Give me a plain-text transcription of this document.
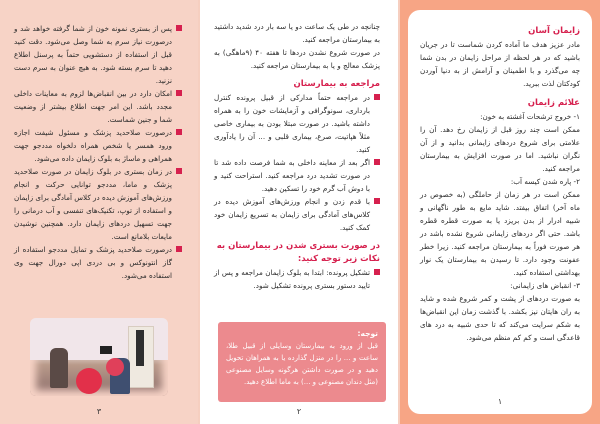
پس از بستری نمونه خون از شما گرفته خواهد شد و درصورت نیاز سرم به شما وصل می‌شود. دقت کنید قبل از استفاده از دستشویی حتماً به پرسنل اطلاع دهید تا سرم بسته شود. به هیچ عنوان به سرم دست نزنید.
امکان دارد در بین انقباض‌ها لزوم به معاینات داخلی مجدد باشد. این امر جهت اطلاع بیشتر از وضعیت شما و جنین شماست.
درصورت صلاحدید پزشک و مسئول شیفت اجازه ورود همسر یا شخص همراه دلخواه مددجو جهت همراهی و ماساژ به بلوک زایمان داده می‌شود.
در زمان بستری در بلوک زایمان در صورت صلاحدید پزشک و ماما، مددجو توانایی حرکت و انجام ورزش‌های آموزش دیده در کلاس آمادگی برای زایمان و استفاده از توپ، تکنیک‌های تنفسی و آب درمانی را جهت تسهیل دردهای زایمان دارد. همچنین نوشیدن مایعات بلامانع است.
درصورت صلاحدید پزشک و تمایل مددجو استفاده از گاز انتونوکس و بی دردی اپی دورال جهت وی استفاده می‌شود.
۳
چنانچه در طی یک ساعت دو یا سه بار درد شدید داشتید به بیمارستان مراجعه کنید.
در صورت شروع نشدن دردها تا هفته ۴۰ (۹ماهگی) به پزشک معالج و یا به بیمارستان مراجعه کنید.
مراجعه به بیمارستان
در مراجعه حتماً مدارکی از قبیل پرونده کنترل بارداری، سونوگرافی و آزمایشات خون را به همراه داشته باشید. در صورت مبتلا بودن به بیماری خاصی مثلاً هپاتیت، صرع، بیماری قلبی و ... آن را یادآوری کنید.
اگر بعد از معاینه داخلی به شما فرصت داده شد تا در صورت تشدید درد مراجعه کنید. استراحت کنید و با دوش آب گرم خود را تسکین دهید.
با قدم زدن و انجام ورزش‌های آموزش دیده در کلاس‌های آمادگی برای زایمان به تسریع زایمان خود کمک کنید.
در صورت بستری شدن در بیمارستان به نکات زیر توجه کنید:
تشکیل پرونده: ابتدا به بلوک زایمان مراجعه و پس از تایید دستور بستری پرونده تشکیل شود.
توجه:
قبل از ورود به بیمارستان وسایلی از قبیل طلا، ساعت و ... را در منزل گذارده یا به همراهان تحویل دهید و در صورت داشتن هرگونه وسایل مصنوعی (مثل دندان مصنوعی و ...) به ماما اطلاع دهید.
۲
زایمان آسان
مادر عزیز هدف ما آماده کردن شماست تا در جریان باشید که در هر لحظه از مراحل زایمان در بدن شما چه می‌گذرد و با اطمینان و آرامش از به دنیا آوردن کودکتان لذت ببرید.
علائم زایمان
۱- خروج ترشحات آغشته به خون:
ممکن است چند روز قبل از زایمان رخ دهد. آن را علامتی برای شروع دردهای زایمانی بدانید و از آن نگران نباشید. اما در صورت افزایش به بیمارستان مراجعه کنید.
۲- پاره شدن کیسه آب:
ممکن است در هر زمان از حاملگی (به خصوص در ماه آخر) اتفاق بیفتد. شاید مایع به طور ناگهانی و شبیه ادرار از بدن بریزد یا به صورت قطره قطره باشد. حتی اگر دردهای زایمانی شروع نشده باشد در هر صورت فوراً به بیمارستان مراجعه کنید. زیرا خطر عفونت وجود دارد. تا رسیدن به بیمارستان یک نوار بهداشتی استفاده کنید.
۳- انقباض های زایمانی:
به صورت دردهای از پشت و کمر شروع شده و شاید به ران هایتان نیز بکشد. با گذشت زمان این انقباض‌ها به شکم سرایت می‌کند که تا حدی شبیه به درد های قاعدگی است و کم کم منظم می‌شود.
۱
